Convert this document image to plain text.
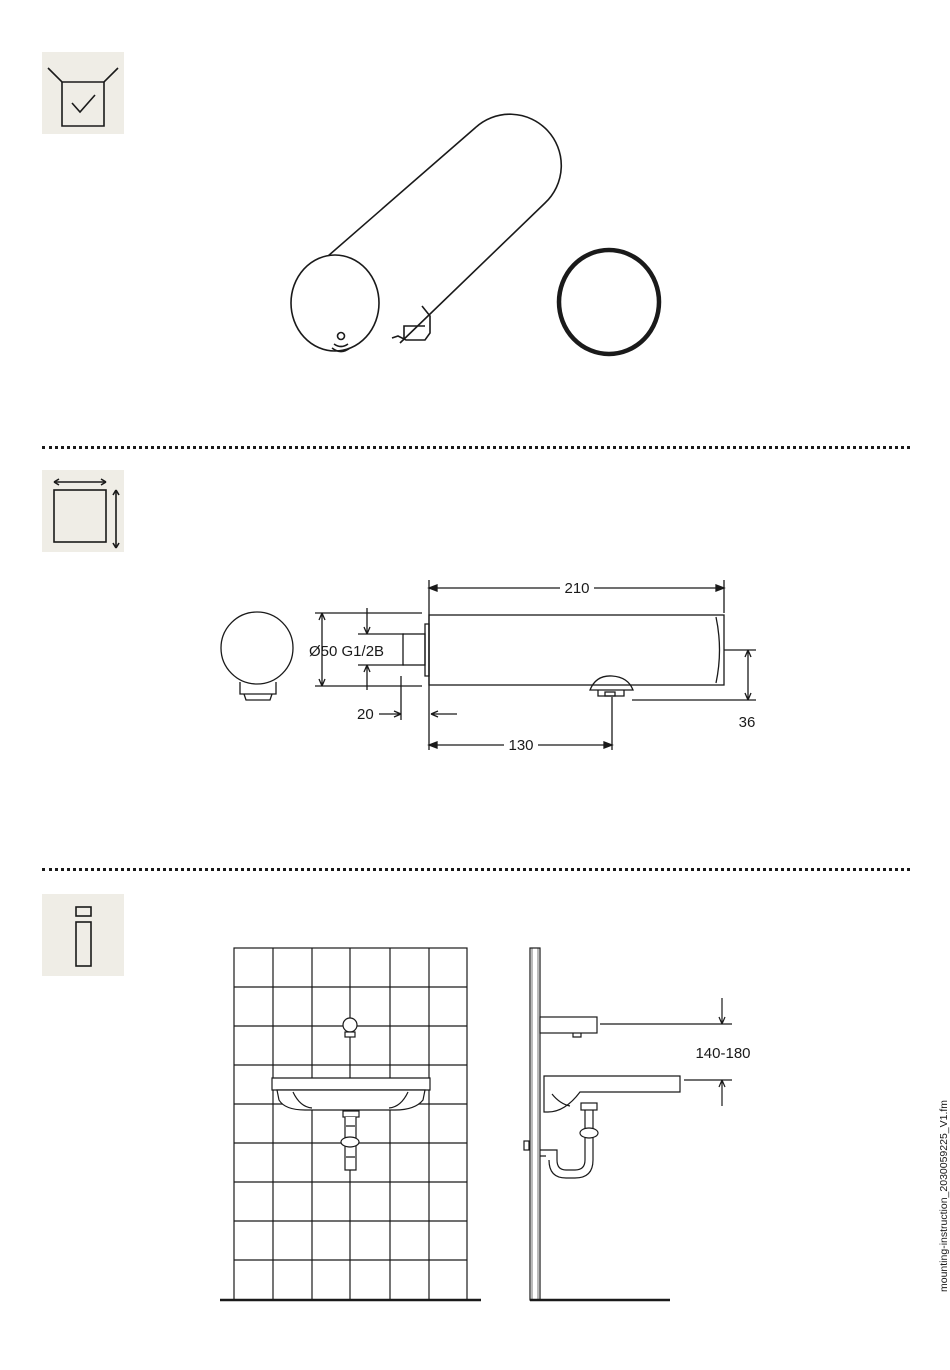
210
Ø50 G1/2B
20
130
36
140-180
mounting-instruction_2030059225_V1.fm
